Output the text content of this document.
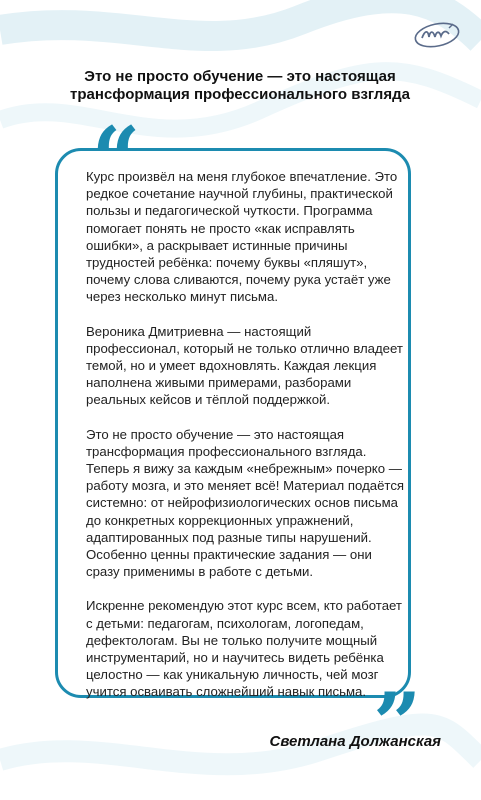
Это не просто обучение — это настоящая трансформация профессионального взгляда
“

Курс произвёл на меня глубокое впечатление. Это редкое сочетание научной глубины, практической пользы и педагогической чуткости. Программа помогает понять не просто «как исправлять ошибки», а раскрывает истинные причины трудностей ребёнка: почему буквы «пляшут», почему слова сливаются, почему рука устаёт уже через несколько минут письма.

Вероника Дмитриевна — настоящий профессионал, который не только отлично владеет темой, но и умеет вдохновлять. Каждая лекция наполнена живыми примерами, разборами реальных кейсов и тёплой поддержкой.

Это не просто обучение — это настоящая трансформация профессионального взгляда. Теперь я вижу за каждым «небрежным» почерко — работу мозга, и это меняет всё! Материал подаётся системно: от нейрофизиологических основ письма до конкретных коррекционных упражнений, адаптированных под разные типы нарушений. Особенно ценны практические задания — они сразу применимы в работе с детьми.

Искренне рекомендую этот курс всем, кто работает с детьми: педагогам, психологам, логопедам, дефектологам. Вы не только получите мощный инструментарий, но и научитесь видеть ребёнка целостно — как уникальную личность, чей мозг учится осваивать сложнейший навык письма. ”
Светлана Должанская
